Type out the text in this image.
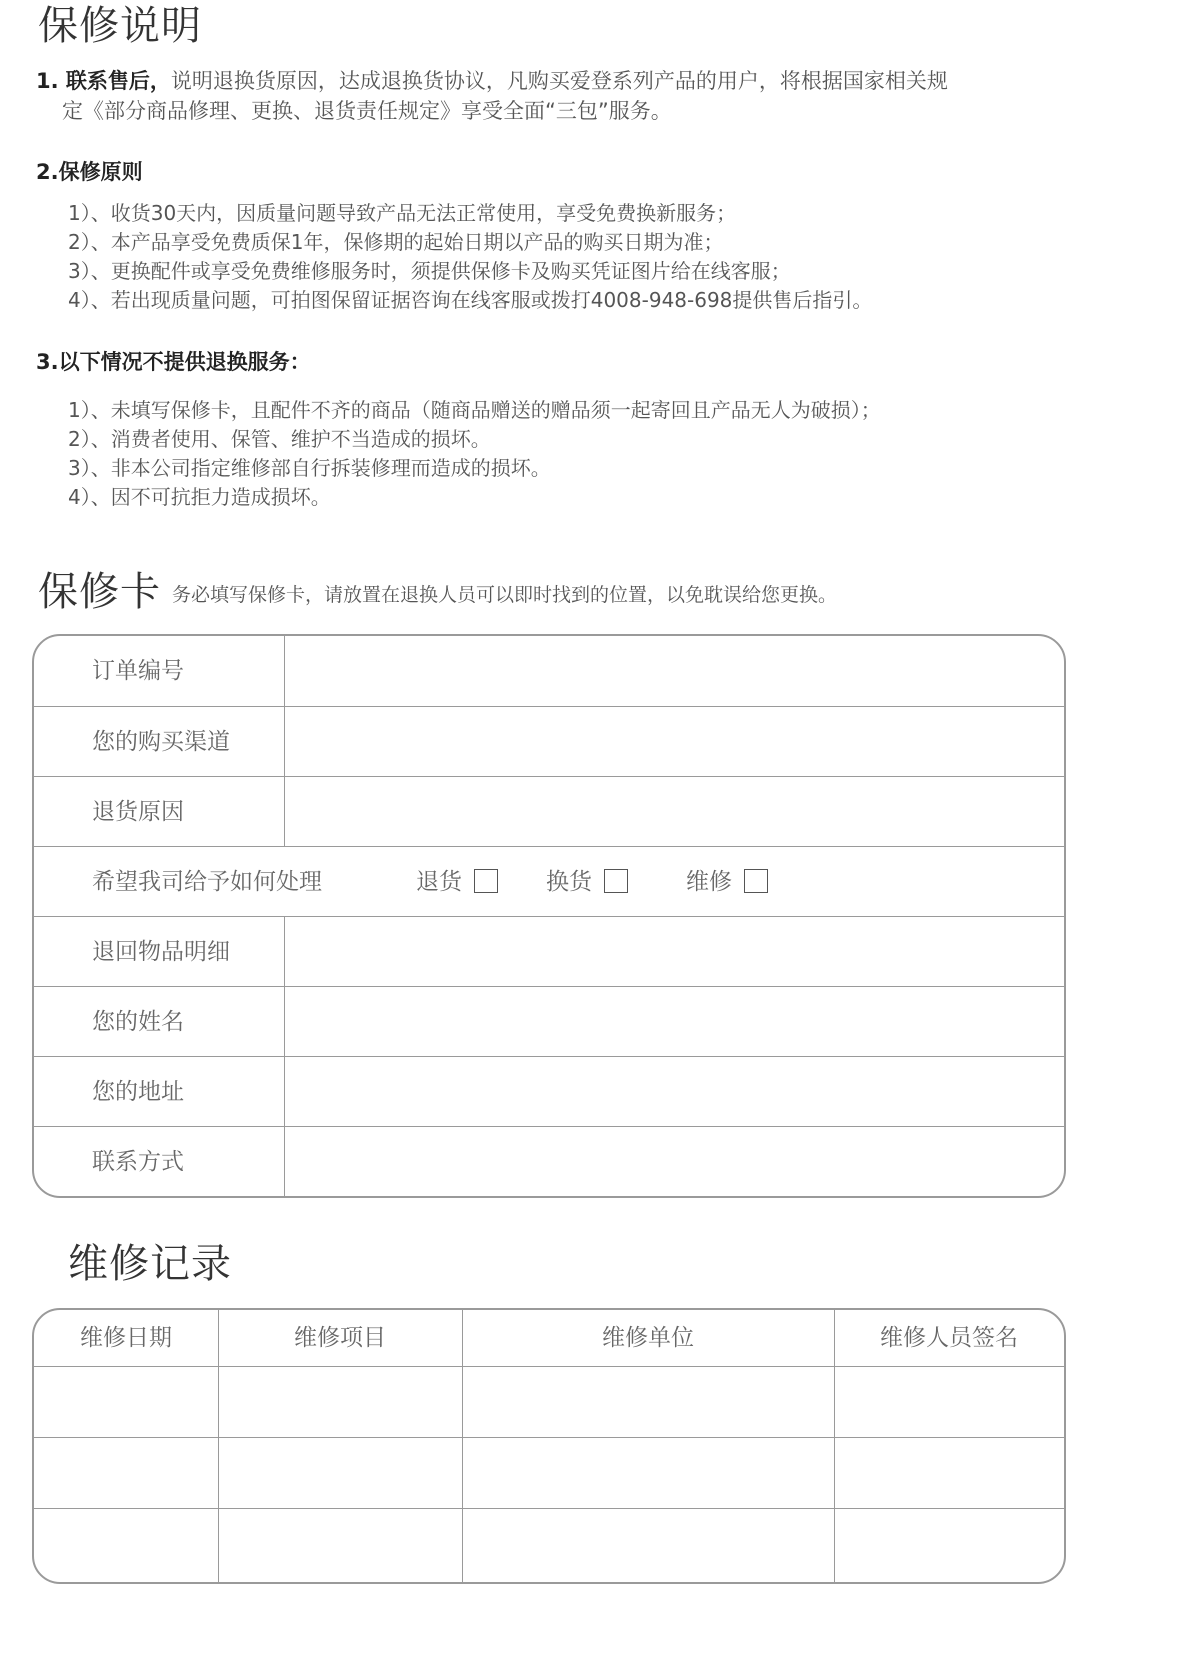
保修说明
1. 联系售后，说明退换货原因，达成退换货协议，凡购买爱登系列产品的用户，将根据国家相关规
定《部分商品修理、更换、退货责任规定》享受全面“三包”服务。
2.保修原则
1）、收货30天内，因质量问题导致产品无法正常使用，享受免费换新服务；
2）、本产品享受免费质保1年，保修期的起始日期以产品的购买日期为准；
3）、更换配件或享受免费维修服务时，须提供保修卡及购买凭证图片给在线客服；
4）、若出现质量问题，可拍图保留证据咨询在线客服或拨打4008-948-698提供售后指引。
3.以下情况不提供退换服务：
1）、未填写保修卡，且配件不齐的商品（随商品赠送的赠品须一起寄回且产品无人为破损）；
2）、消费者使用、保管、维护不当造成的损坏。
3）、非本公司指定维修部自行拆装修理而造成的损坏。
4）、因不可抗拒力造成损坏。
保修卡 务必填写保修卡，请放置在退换人员可以即时找到的位置，以免耽误给您更换。
订单编号
您的购买渠道
退货原因
希望我司给予如何处理	退货	换货	维修
退回物品明细
您的姓名
您的地址
联系方式
维修记录
维修日期	维修项目	维修单位	维修人员签名
